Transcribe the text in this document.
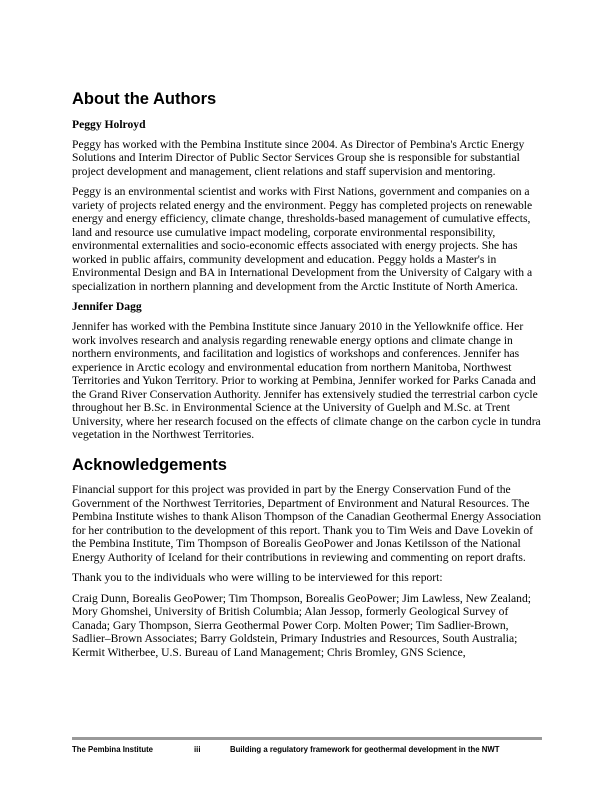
About the Authors
Peggy Holroyd

Peggy has worked with the Pembina Institute since 2004. As Director of Pembina's Arctic Energy Solutions and Interim Director of Public Sector Services Group she is responsible for substantial project development and management, client relations and staff supervision and mentoring.

Peggy is an environmental scientist and works with First Nations, government and companies on a variety of projects related energy and the environment. Peggy has completed projects on renewable energy and energy efficiency, climate change, thresholds-based management of cumulative effects, land and resource use cumulative impact modeling, corporate environmental responsibility, environmental externalities and socio-economic effects associated with energy projects. She has worked in public affairs, community development and education. Peggy holds a Master's in Environmental Design and BA in International Development from the University of Calgary with a specialization in northern planning and development from the Arctic Institute of North America.

Jennifer Dagg

Jennifer has worked with the Pembina Institute since January 2010 in the Yellowknife office. Her work involves research and analysis regarding renewable energy options and climate change in northern environments, and facilitation and logistics of workshops and conferences. Jennifer has experience in Arctic ecology and environmental education from northern Manitoba, Northwest Territories and Yukon Territory. Prior to working at Pembina, Jennifer worked for Parks Canada and the Grand River Conservation Authority. Jennifer has extensively studied the terrestrial carbon cycle throughout her B.Sc. in Environmental Science at the University of Guelph and M.Sc. at Trent University, where her research focused on the effects of climate change on the carbon cycle in tundra vegetation in the Northwest Territories.

Acknowledgements

Financial support for this project was provided in part by the Energy Conservation Fund of the Government of the Northwest Territories, Department of Environment and Natural Resources. The Pembina Institute wishes to thank Alison Thompson of the Canadian Geothermal Energy Association for her contribution to the development of this report. Thank you to Tim Weis and Dave Lovekin of the Pembina Institute, Tim Thompson of Borealis GeoPower and Jonas Ketilsson of the National Energy Authority of Iceland for their contributions in reviewing and commenting on report drafts.

Thank you to the individuals who were willing to be interviewed for this report:

Craig Dunn, Borealis GeoPower; Tim Thompson, Borealis GeoPower; Jim Lawless, New Zealand; Mory Ghomshei, University of British Columbia; Alan Jessop, formerly Geological Survey of Canada; Gary Thompson, Sierra Geothermal Power Corp. Molten Power; Tim Sadlier-Brown, Sadlier–Brown Associates; Barry Goldstein, Primary Industries and Resources, South Australia; Kermit Witherbee, U.S. Bureau of Land Management; Chris Bromley, GNS Science,

The Pembina Institute	iii	Building a regulatory framework for geothermal development in the NWT
